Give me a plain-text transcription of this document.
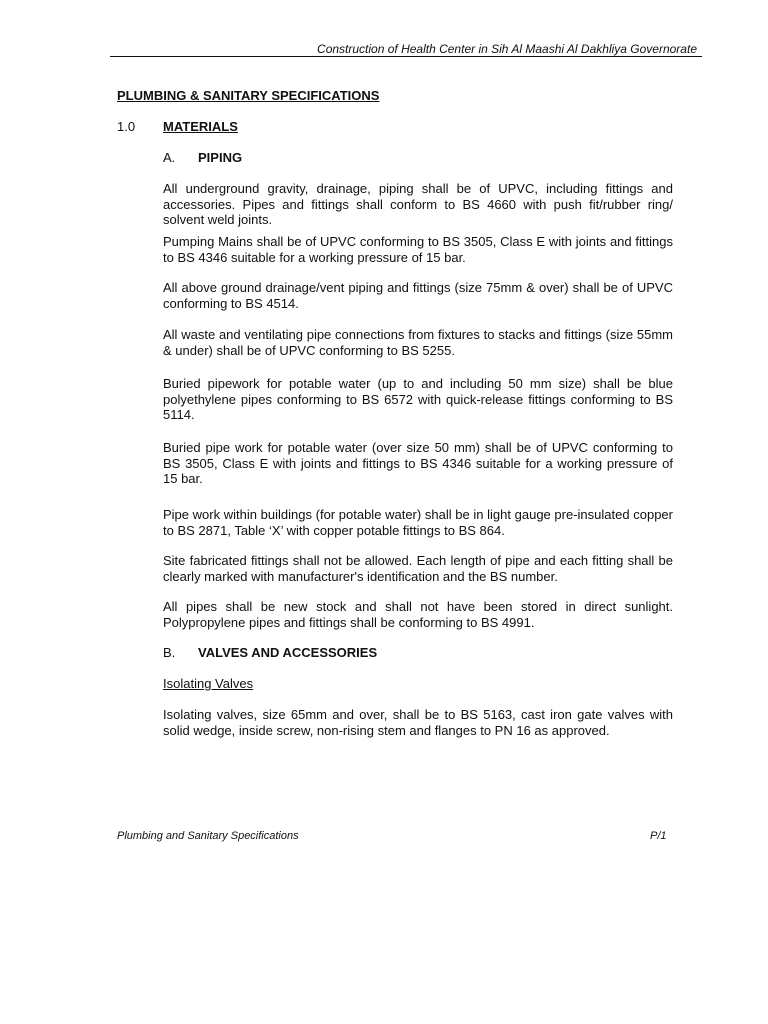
Construction of Health Center in Sih Al Maashi Al Dakhliya Governorate
PLUMBING & SANITARY SPECIFICATIONS
1.0 MATERIALS
A. PIPING

All underground gravity, drainage, piping shall be of UPVC, including fittings and accessories. Pipes and fittings shall conform to BS 4660 with push fit/rubber ring/ solvent weld joints.

Pumping Mains shall be of UPVC conforming to BS 3505, Class E with joints and fittings to BS 4346 suitable for a working pressure of 15 bar.

All above ground drainage/vent piping and fittings (size 75mm & over) shall be of UPVC conforming to BS 4514.

All waste and ventilating pipe connections from fixtures to stacks and fittings (size 55mm & under) shall be of UPVC conforming to BS 5255.

Buried pipework for potable water (up to and including 50 mm size) shall be blue polyethylene pipes conforming to BS 6572 with quick-release fittings conforming to BS 5114.

Buried pipe work for potable water (over size 50 mm) shall be of UPVC conforming to BS 3505, Class E with joints and fittings to BS 4346 suitable for a working pressure of 15 bar.

Pipe work within buildings (for potable water) shall be in light gauge pre-insulated copper to BS 2871, Table ‘X’ with copper potable fittings to BS 864.

Site fabricated fittings shall not be allowed. Each length of pipe and each fitting shall be clearly marked with manufacturer's identification and the BS number.

All pipes shall be new stock and shall not have been stored in direct sunlight. Polypropylene pipes and fittings shall be conforming to BS 4991.

B. VALVES AND ACCESSORIES
Isolating Valves

Isolating valves, size 65mm and over, shall be to BS 5163, cast iron gate valves with solid wedge, inside screw, non-rising stem and flanges to PN 16 as approved.

Plumbing and Sanitary Specifications	P/1
